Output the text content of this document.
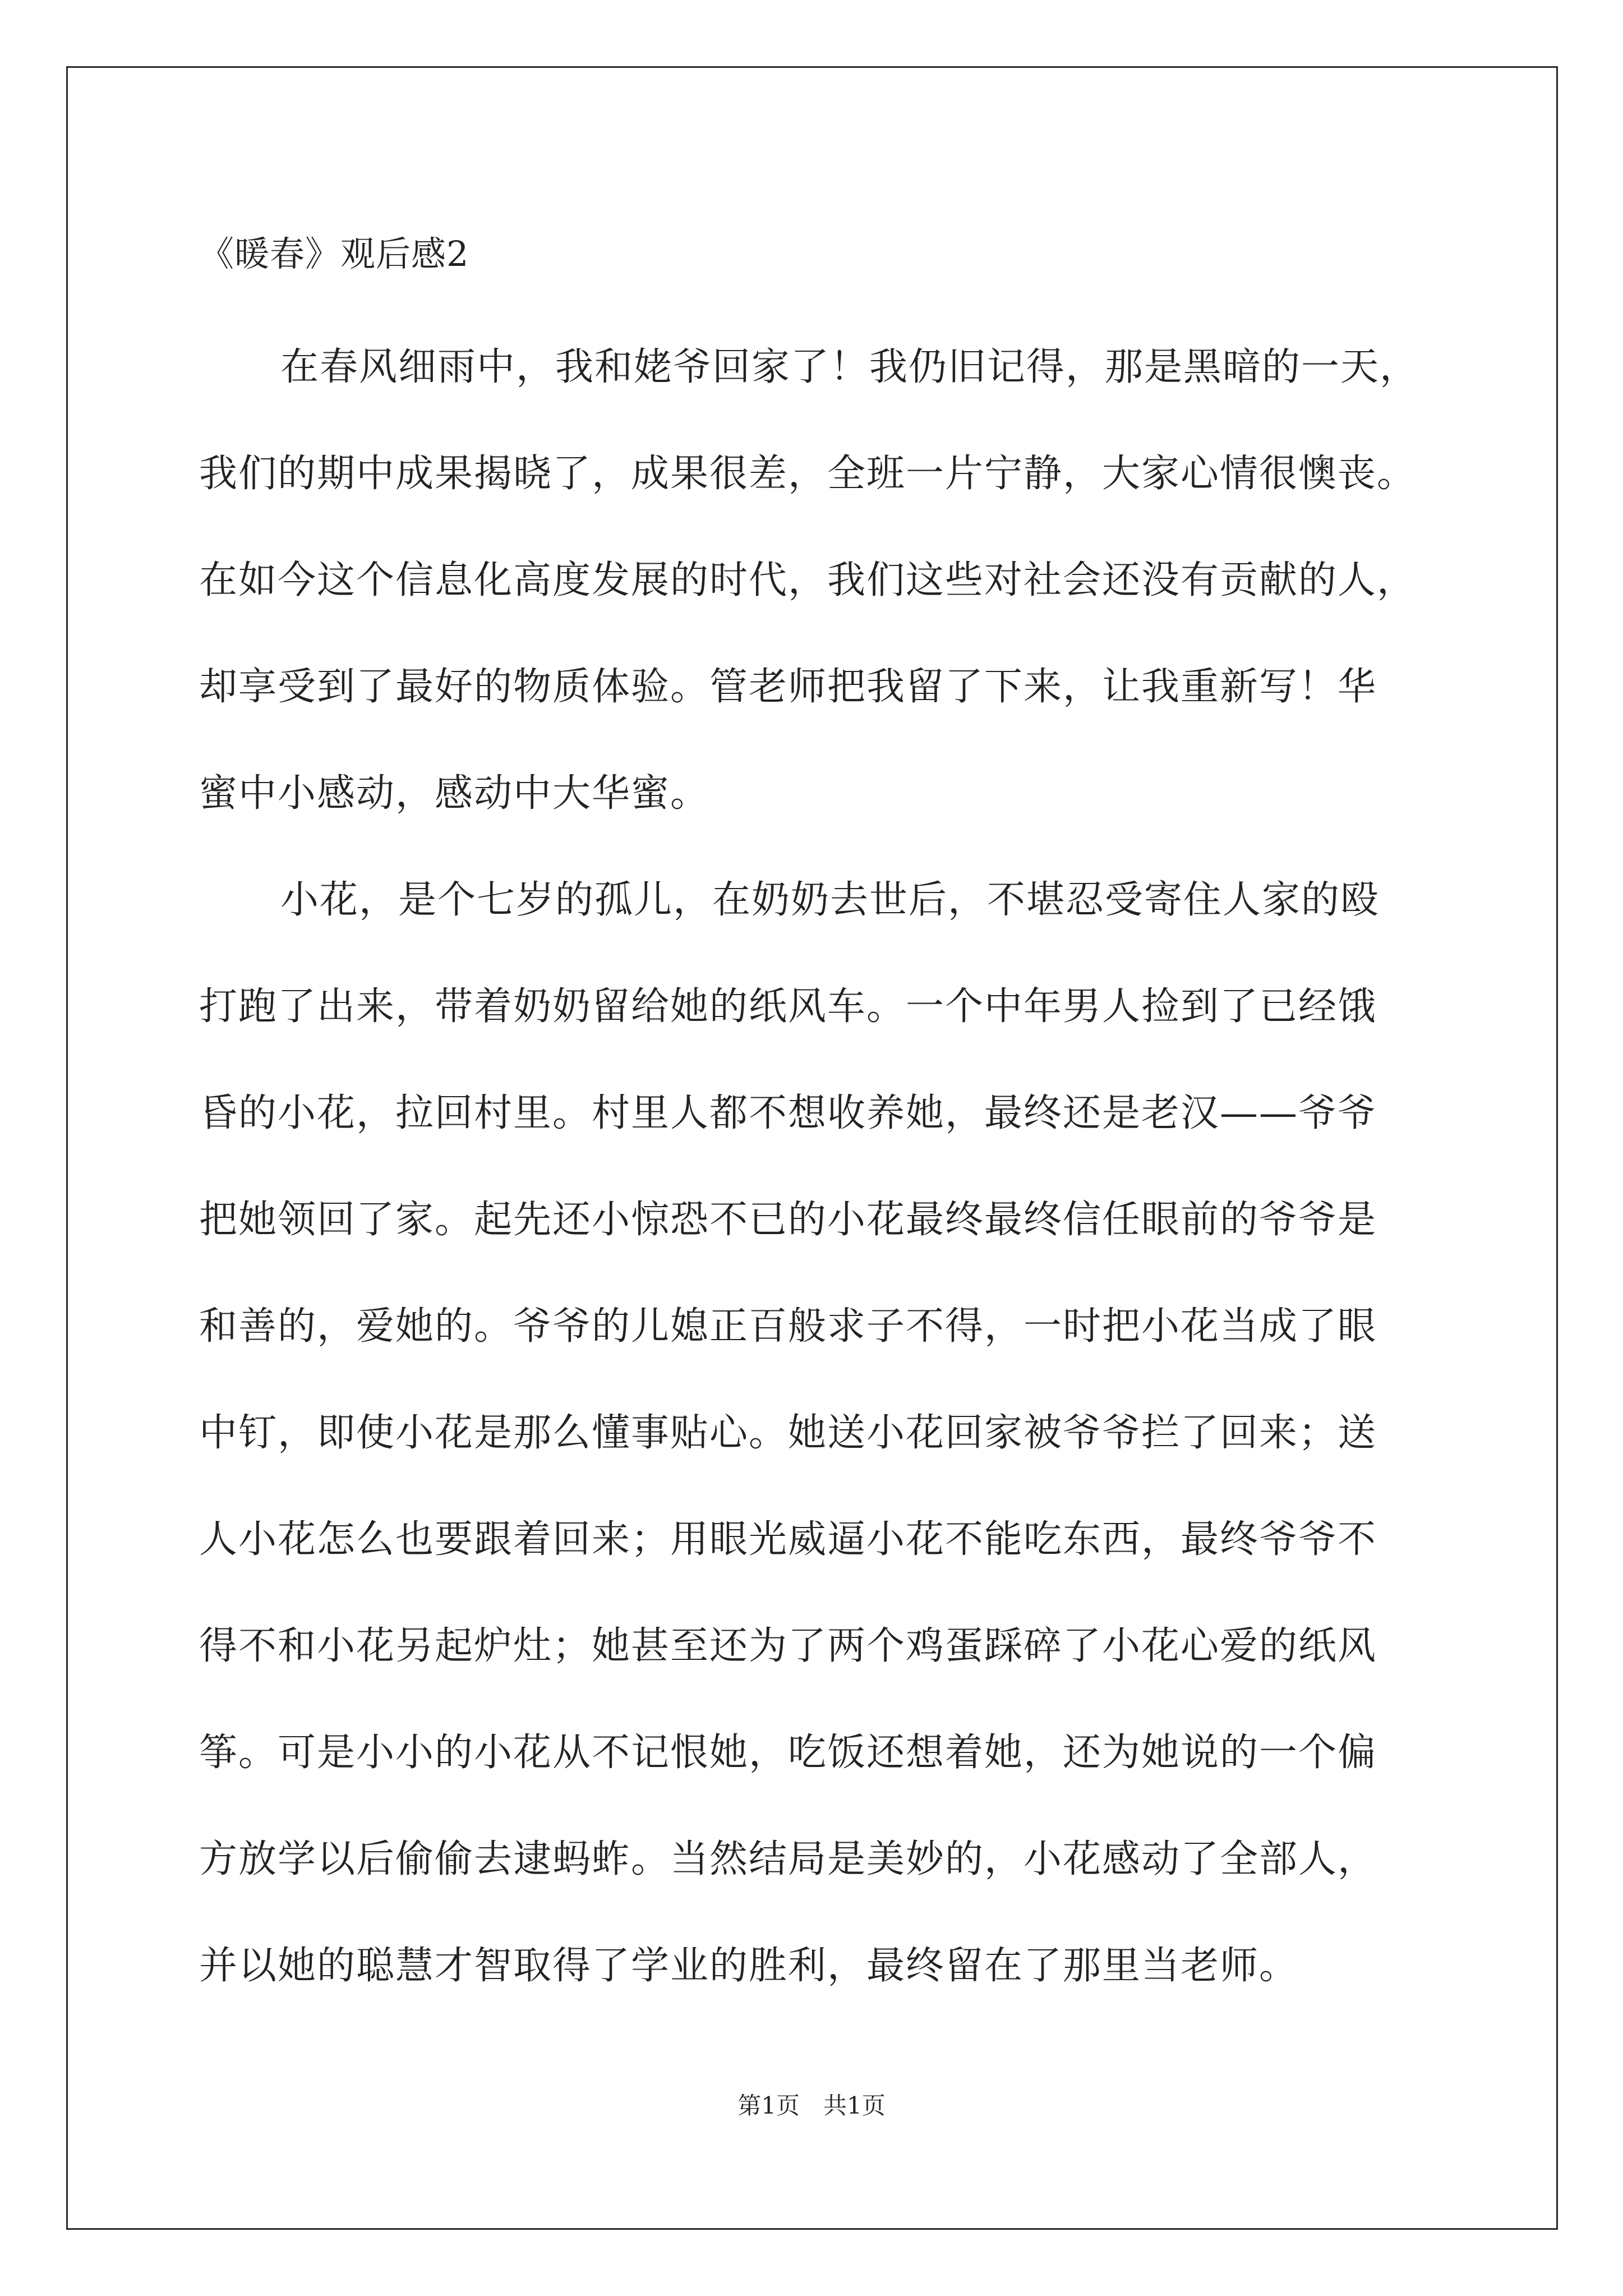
《暖春》观后感2

在春风细雨中，我和姥爷回家了！我仍旧记得，那是黑暗的一天，

我们的期中成果揭晓了，成果很差，全班一片宁静，大家心情很懊丧。

在如今这个信息化高度发展的时代，我们这些对社会还没有贡献的人，

却享受到了最好的物质体验。管老师把我留了下来，让我重新写！华

蜜中小感动，感动中大华蜜。

小花，是个七岁的孤儿，在奶奶去世后，不堪忍受寄住人家的殴

打跑了出来，带着奶奶留给她的纸风车。一个中年男人捡到了已经饿

昏的小花，拉回村里。村里人都不想收养她，最终还是老汉——爷爷

把她领回了家。起先还小惊恐不已的小花最终最终信任眼前的爷爷是

和善的，爱她的。爷爷的儿媳正百般求子不得，一时把小花当成了眼

中钉，即使小花是那么懂事贴心。她送小花回家被爷爷拦了回来；送

人小花怎么也要跟着回来；用眼光威逼小花不能吃东西，最终爷爷不

得不和小花另起炉灶；她甚至还为了两个鸡蛋踩碎了小花心爱的纸风

筝。可是小小的小花从不记恨她，吃饭还想着她，还为她说的一个偏

方放学以后偷偷去逮蚂蚱。当然结局是美妙的，小花感动了全部人，

并以她的聪慧才智取得了学业的胜利，最终留在了那里当老师。

第1页　共1页
